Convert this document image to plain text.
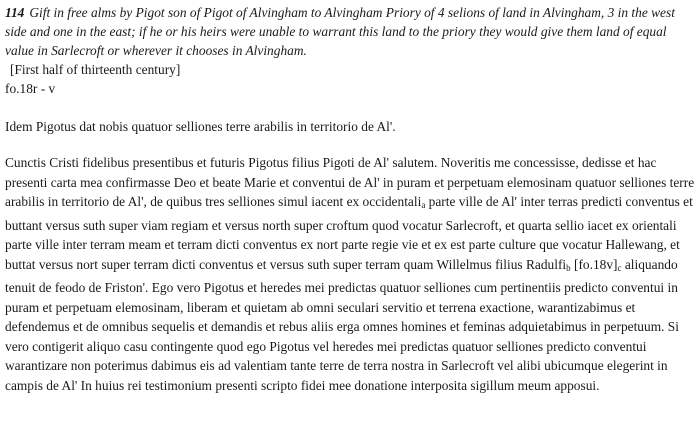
114 Gift in free alms by Pigot son of Pigot of Alvingham to Alvingham Priory of 4 selions of land in Alvingham, 3 in the west side and one in the east; if he or his heirs were unable to warrant this land to the priory they would give them land of equal value in Sarlecroft or wherever it chooses in Alvingham.

[First half of thirteenth century]

fo.18r - v

Idem Pigotus dat nobis quatuor selliones terre arabilis in territorio de Al'.

Cunctis Cristi fidelibus presentibus et futuris Pigotus filius Pigoti de Al' salutem. Noveritis me concessisse, dedisse et hac presenti carta mea confirmasse Deo et beate Marie et conventui de Al' in puram et perpetuam elemosinam quatuor selliones terre arabilis in territorio de Al', de quibus tres selliones simul iacent ex occidentali$_a$ parte ville de Al' inter terras predicti conventus et buttant versus suth super viam regiam et versus north super croftum quod vocatur Sarlecroft, et quarta sellio iacet ex orientali parte ville inter terram meam et terram dicti conventus ex nort parte regie vie et ex est parte culture que vocatur Hallewang, et buttat versus nort super terram dicti conventus et versus suth super terram quam Willelmus filius Radulfi$_b$ $[fo.18v]_c$ aliquando tenuit de feodo de Friston'. Ego vero Pigotus et heredes mei predictas quatuor selliones cum pertinentiis predicto conventui in puram et perpetuam elemosinam, liberam et quietam ab omni seculari servitio et terrena exactione, warantizabimus et defendemus et de omnibus sequelis et demandis et rebus aliis erga omnes homines et feminas adquietabimus in perpetuum. Si vero contigerit aliquo casu contingente quod ego Pigotus vel heredes mei predictas quatuor selliones predicto conventui warantizare non poterimus dabimus eis ad valentiam tante terre de terra nostra in Sarlecroft vel alibi ubicumque elegerint in campis de Al' In huius rei testimonium presenti scripto fidei mee donatione interposita sigillum meum apposui.
